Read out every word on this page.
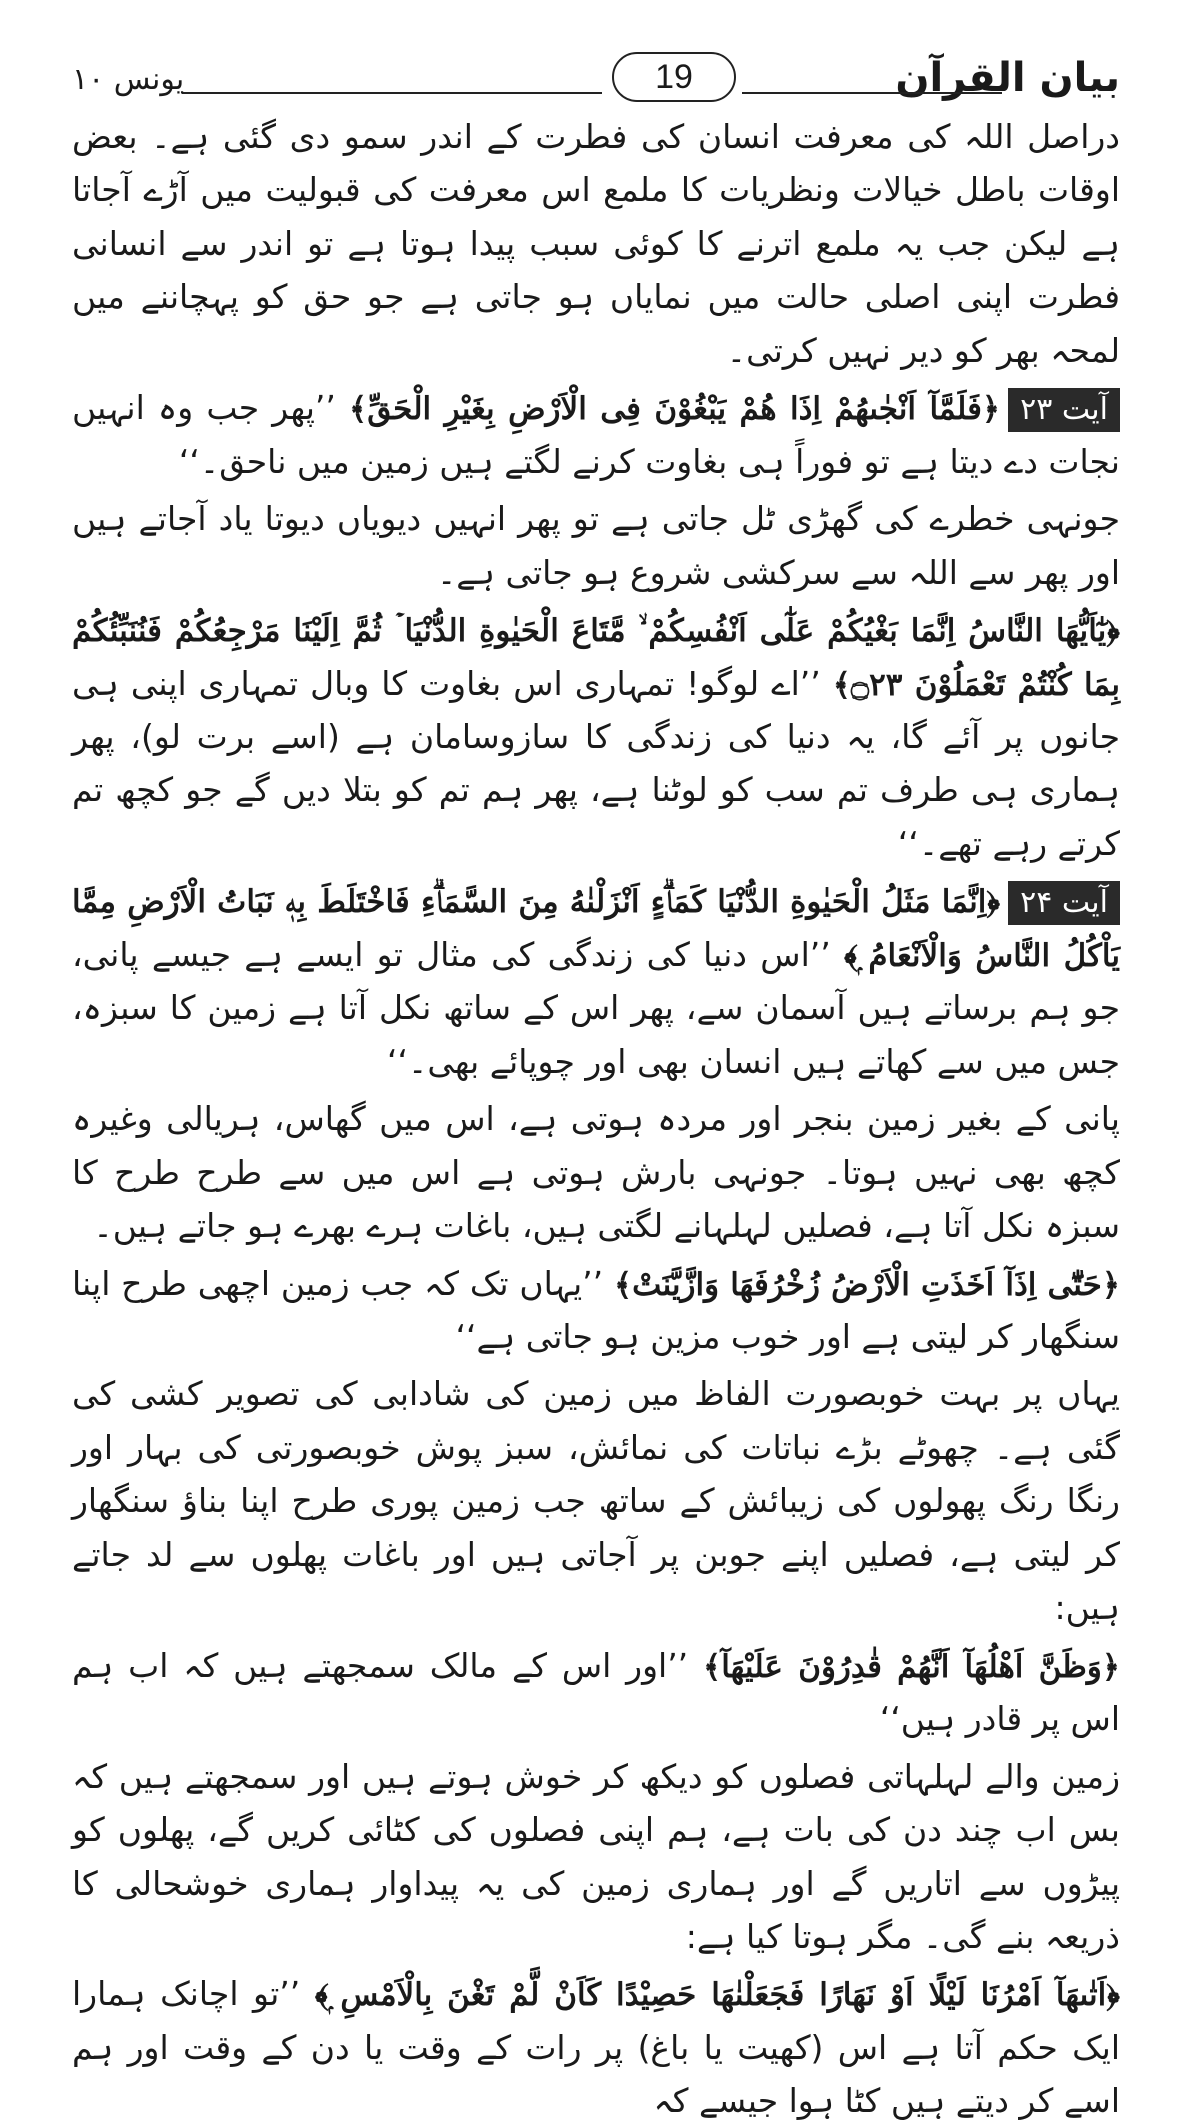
بیان القرآن
19
یونس ۱۰

دراصل اللہ کی معرفت انسان کی فطرت کے اندر سمو دی گئی ہے۔ بعض اوقات باطل خیالات ونظریات کا ملمع اس معرفت کی قبولیت میں آڑے آجاتا ہے لیکن جب یہ ملمع اترنے کا کوئی سبب پیدا ہوتا ہے تو اندر سے انسانی فطرت اپنی اصلی حالت میں نمایاں ہو جاتی ہے جو حق کو پہچاننے میں لمحہ بھر کو دیر نہیں کرتی۔

آیت ۲۳﴿فَلَمَّآ اَنْجٰىهُمْ اِذَا هُمْ يَبْغُوْنَ فِى الْاَرْضِ بِغَيْرِ الْحَقِّ﴾ ’’پھر جب وہ انہیں نجات دے دیتا ہے تو فوراً ہی بغاوت کرنے لگتے ہیں زمین میں ناحق۔‘‘

جونہی خطرے کی گھڑی ٹل جاتی ہے تو پھر انہیں دیویاں دیوتا یاد آجاتے ہیں اور پھر سے اللہ سے سرکشی شروع ہو جاتی ہے۔

﴿يٰٓاَيُّهَا النَّاسُ اِنَّمَا بَغْيُكُمْ عَلٰٓى اَنْفُسِكُمْ ۙ مَّتَاعَ الْحَيٰوةِ الدُّنْيَا ۡ ثُمَّ اِلَيْنَا مَرْجِعُكُمْ فَنُنَبِّئُكُمْ بِمَا كُنْتُمْ تَعْمَلُوْنَ ۝۲۳﴾ ’’اے لوگو! تمہاری اس بغاوت کا وبال تمہاری اپنی ہی جانوں پر آئے گا، یہ دنیا کی زندگی کا سازوسامان ہے (اسے برت لو)، پھر ہماری ہی طرف تم سب کو لوٹنا ہے، پھر ہم تم کو بتلا دیں گے جو کچھ تم کرتے رہے تھے۔‘‘

آیت ۲۴﴿اِنَّمَا مَثَلُ الْحَيٰوةِ الدُّنْيَا كَمَاۗءٍ اَنْزَلْنٰهُ مِنَ السَّمَاۗءِ فَاخْتَلَطَ بِهٖ نَبَاتُ الْاَرْضِ مِمَّا يَاْكُلُ النَّاسُ وَالْاَنْعَامُ ۭ﴾ ’’اس دنیا کی زندگی کی مثال تو ایسے ہے جیسے پانی، جو ہم برساتے ہیں آسمان سے، پھر اس کے ساتھ نکل آتا ہے زمین کا سبزہ، جس میں سے کھاتے ہیں انسان بھی اور چوپائے بھی۔‘‘

پانی کے بغیر زمین بنجر اور مردہ ہوتی ہے، اس میں گھاس، ہریالی وغیرہ کچھ بھی نہیں ہوتا۔ جونہی بارش ہوتی ہے اس میں سے طرح طرح کا سبزہ نکل آتا ہے، فصلیں لہلہانے لگتی ہیں، باغات ہرے بھرے ہو جاتے ہیں۔

﴿حَتّٰٓى اِذَآ اَخَذَتِ الْاَرْضُ زُخْرُفَهَا وَازَّيَّنَتْ﴾ ’’یہاں تک کہ جب زمین اچھی طرح اپنا سنگھار کر لیتی ہے اور خوب مزین ہو جاتی ہے‘‘

یہاں پر بہت خوبصورت الفاظ میں زمین کی شادابی کی تصویر کشی کی گئی ہے۔ چھوٹے بڑے نباتات کی نمائش، سبز پوش خوبصورتی کی بہار اور رنگا رنگ پھولوں کی زیبائش کے ساتھ جب زمین پوری طرح اپنا بناؤ سنگھار کر لیتی ہے، فصلیں اپنے جوبن پر آجاتی ہیں اور باغات پھلوں سے لد جاتے ہیں:

﴿وَظَنَّ اَهْلُهَآ اَنَّهُمْ قٰدِرُوْنَ عَلَيْهَآ﴾ ’’اور اس کے مالک سمجھتے ہیں کہ اب ہم اس پر قادر ہیں‘‘

زمین والے لہلہاتی فصلوں کو دیکھ کر خوش ہوتے ہیں اور سمجھتے ہیں کہ بس اب چند دن کی بات ہے، ہم اپنی فصلوں کی کٹائی کریں گے، پھلوں کو پیڑوں سے اتاریں گے اور ہماری زمین کی یہ پیداوار ہماری خوشحالی کا ذریعہ بنے گی۔ مگر ہوتا کیا ہے:

﴿اَتٰىهَآ اَمْرُنَا لَيْلًا اَوْ نَهَارًا فَجَعَلْنٰهَا حَصِيْدًا كَاَنْ لَّمْ تَغْنَ بِالْاَمْسِ ۭ﴾ ’’تو اچانک ہمارا ایک حکم آتا ہے اس (کھیت یا باغ) پر رات کے وقت یا دن کے وقت اور ہم اسے کر دیتے ہیں کٹا ہوا جیسے کہ
